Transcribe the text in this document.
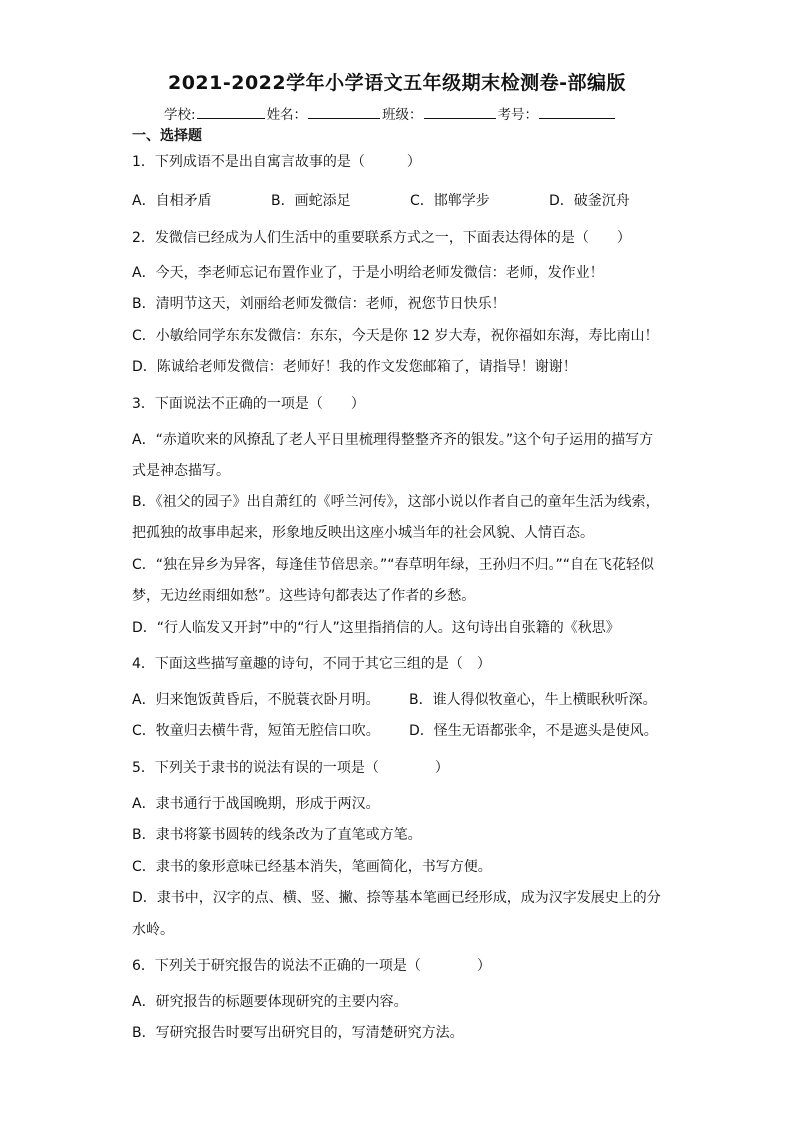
2021-2022学年小学语文五年级期末检测卷-部编版
学校:	姓名：	班级：	考号：
一、选择题
1．下列成语不是出自寓言故事的是（　　　）
A．自相矛盾	B．画蛇添足	C．邯郸学步	D．破釜沉舟
2．发微信已经成为人们生活中的重要联系方式之一，下面表达得体的是（　　）
A．今天，李老师忘记布置作业了，于是小明给老师发微信：老师，发作业！
B．清明节这天，刘丽给老师发微信：老师，祝您节日快乐！
C．小敏给同学东东发微信：东东，今天是你 12 岁大寿，祝你福如东海，寿比南山！
D．陈诚给老师发微信：老师好！我的作文发您邮箱了，请指导！谢谢！
3．下面说法不正确的一项是（　　）
A．“赤道吹来的风撩乱了老人平日里梳理得整整齐齐的银发。”这个句子运用的描写方
式是神态描写。
B．《祖父的园子》出自萧红的《呼兰河传》，这部小说以作者自己的童年生活为线索，
把孤独的故事串起来，形象地反映出这座小城当年的社会风貌、人情百态。
C．“独在异乡为异客，每逢佳节倍思亲。”“春草明年绿，王孙归不归。”“自在飞花轻似
梦，无边丝雨细如愁”。这些诗句都表达了作者的乡愁。
D．“行人临发又开封”中的“行人”这里指捎信的人。这句诗出自张籍的《秋思》
4．下面这些描写童趣的诗句，不同于其它三组的是（　）
A．归来饱饭黄昏后，不脱蓑衣卧月明。 B．谁人得似牧童心，牛上横眠秋听深。
C．牧童归去横牛背，短笛无腔信口吹。 D．怪生无语都张伞，不是遮头是使风。
5．下列关于隶书的说法有误的一项是（　　　　）
A．隶书通行于战国晚期，形成于两汉。
B．隶书将篆书圆转的线条改为了直笔或方笔。
C．隶书的象形意味已经基本消失，笔画简化，书写方便。
D．隶书中，汉字的点、横、竖、撇、捺等基本笔画已经形成，成为汉字发展史上的分
水岭。
6．下列关于研究报告的说法不正确的一项是（　　　　）
A．研究报告的标题要体现研究的主要内容。
B．写研究报告时要写出研究目的，写清楚研究方法。
